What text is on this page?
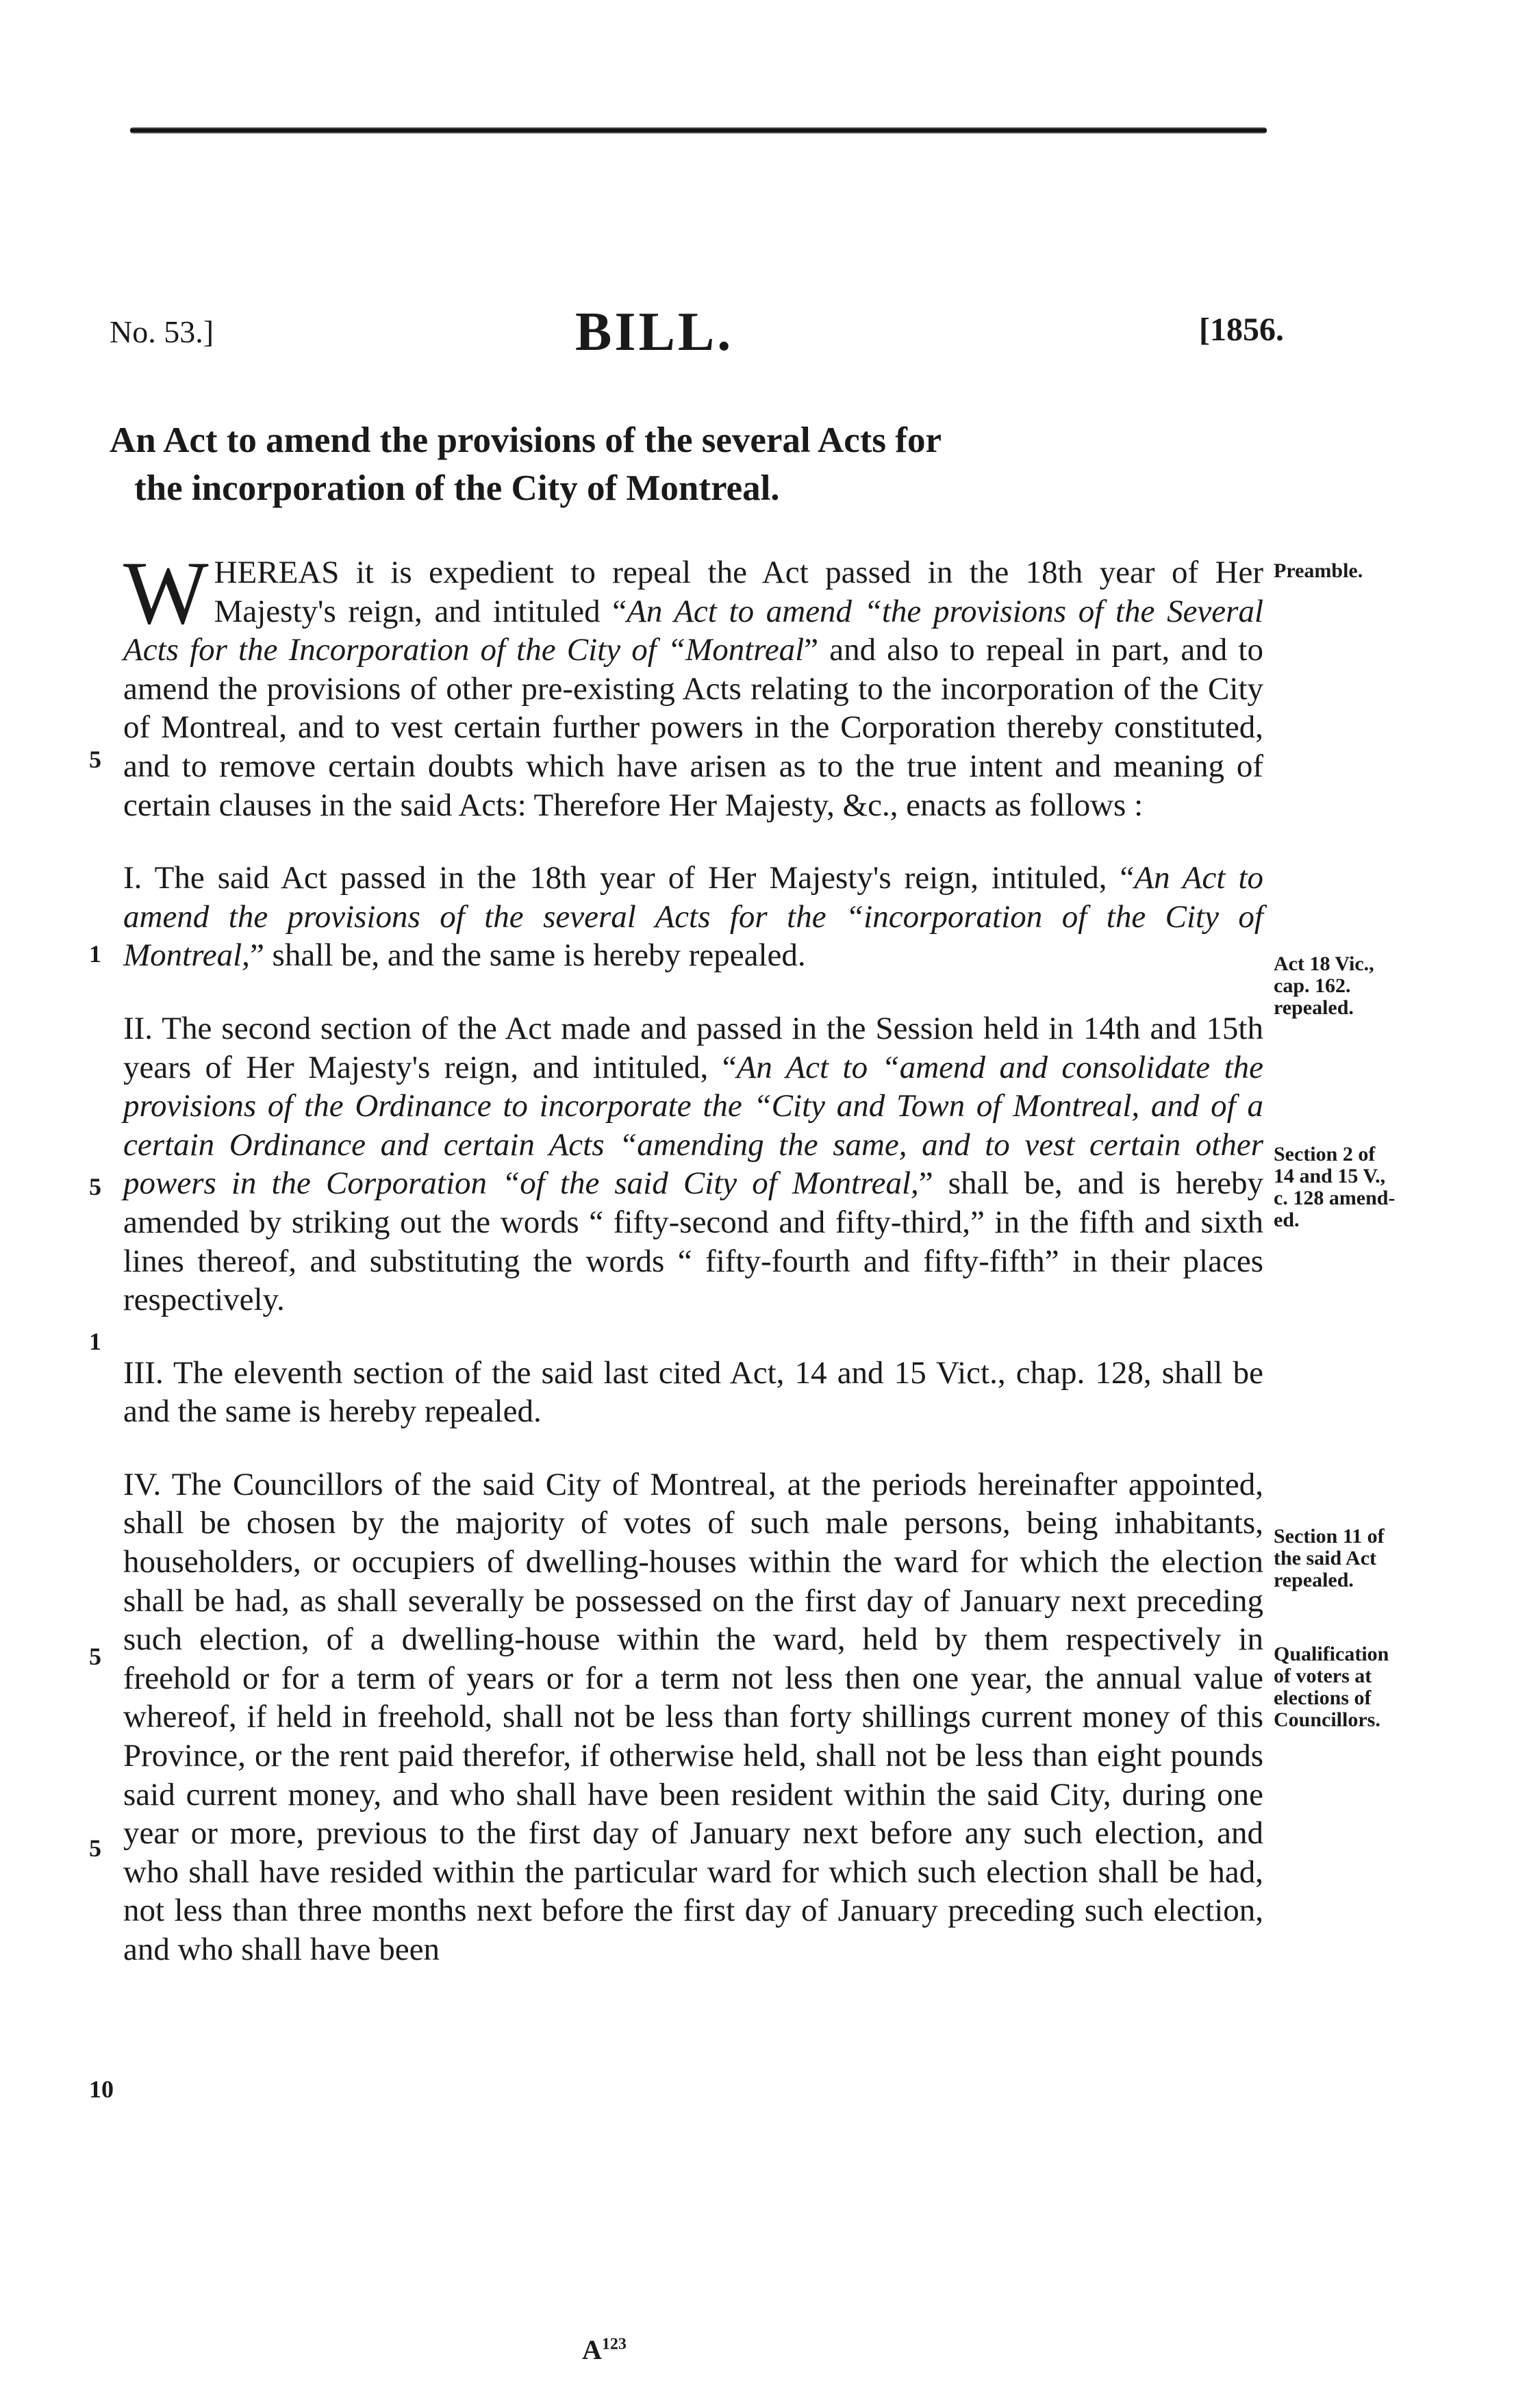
No. 53.]	BILL.	[1856.
An Act to amend the provisions of the several Acts for
the incorporation of the City of Montreal.

WHEREAS it is expedient to repeal the Act passed in the 18th year of Her Majesty's reign, and intituled “An Act to amend “the provisions of the Several Acts for the Incorporation of the City of “Montreal” and also to repeal in part, and to amend the provisions of other pre-existing Acts relating to the incorporation of the City of Montreal, and to vest certain further powers in the Corporation thereby constituted, and to remove certain doubts which have arisen as to the true intent and meaning of certain clauses in the said Acts: Therefore Her Majesty, &c., enacts as follows :

I. The said Act passed in the 18th year of Her Majesty's reign, intituled, “An Act to amend the provisions of the several Acts for the “incorporation of the City of Montreal,” shall be, and the same is hereby repealed.

II. The second section of the Act made and passed in the Session held in 14th and 15th years of Her Majesty's reign, and intituled, “An Act to “amend and consolidate the provisions of the Ordinance to incorporate the “City and Town of Montreal, and of a certain Ordinance and certain Acts “amending the same, and to vest certain other powers in the Corporation “of the said City of Montreal,” shall be, and is hereby amended by striking out the words “ fifty-second and fifty-third,” in the fifth and sixth lines thereof, and substituting the words “ fifty-fourth and fifty-fifth” in their places respectively.

III. The eleventh section of the said last cited Act, 14 and 15 Vict., chap. 128, shall be and the same is hereby repealed.

IV. The Councillors of the said City of Montreal, at the periods hereinafter appointed, shall be chosen by the majority of votes of such male persons, being inhabitants, householders, or occupiers of dwelling-houses within the ward for which the election shall be had, as shall severally be possessed on the first day of January next preceding such election, of a dwelling-house within the ward, held by them respectively in freehold or for a term of years or for a term not less then one year, the annual value whereof, if held in freehold, shall not be less than forty shillings current money of this Province, or the rent paid therefor, if otherwise held, shall not be less than eight pounds said current money, and who shall have been resident within the said City, during one year or more, previous to the first day of January next before any such election, and who shall have resided within the particular ward for which such election shall be had, not less than three months next before the first day of January preceding such election, and who shall have been

Preamble.
Act 18 Vic.,
cap. 162.
repealed.
Section 2 of
14 and 15 V.,
c. 128 amend-
ed.
Section 11 of
the said Act
repealed.
Qualification
of voters at
elections of
Councillors.
5
1
5
1
5
5
10
$A^{123}$
